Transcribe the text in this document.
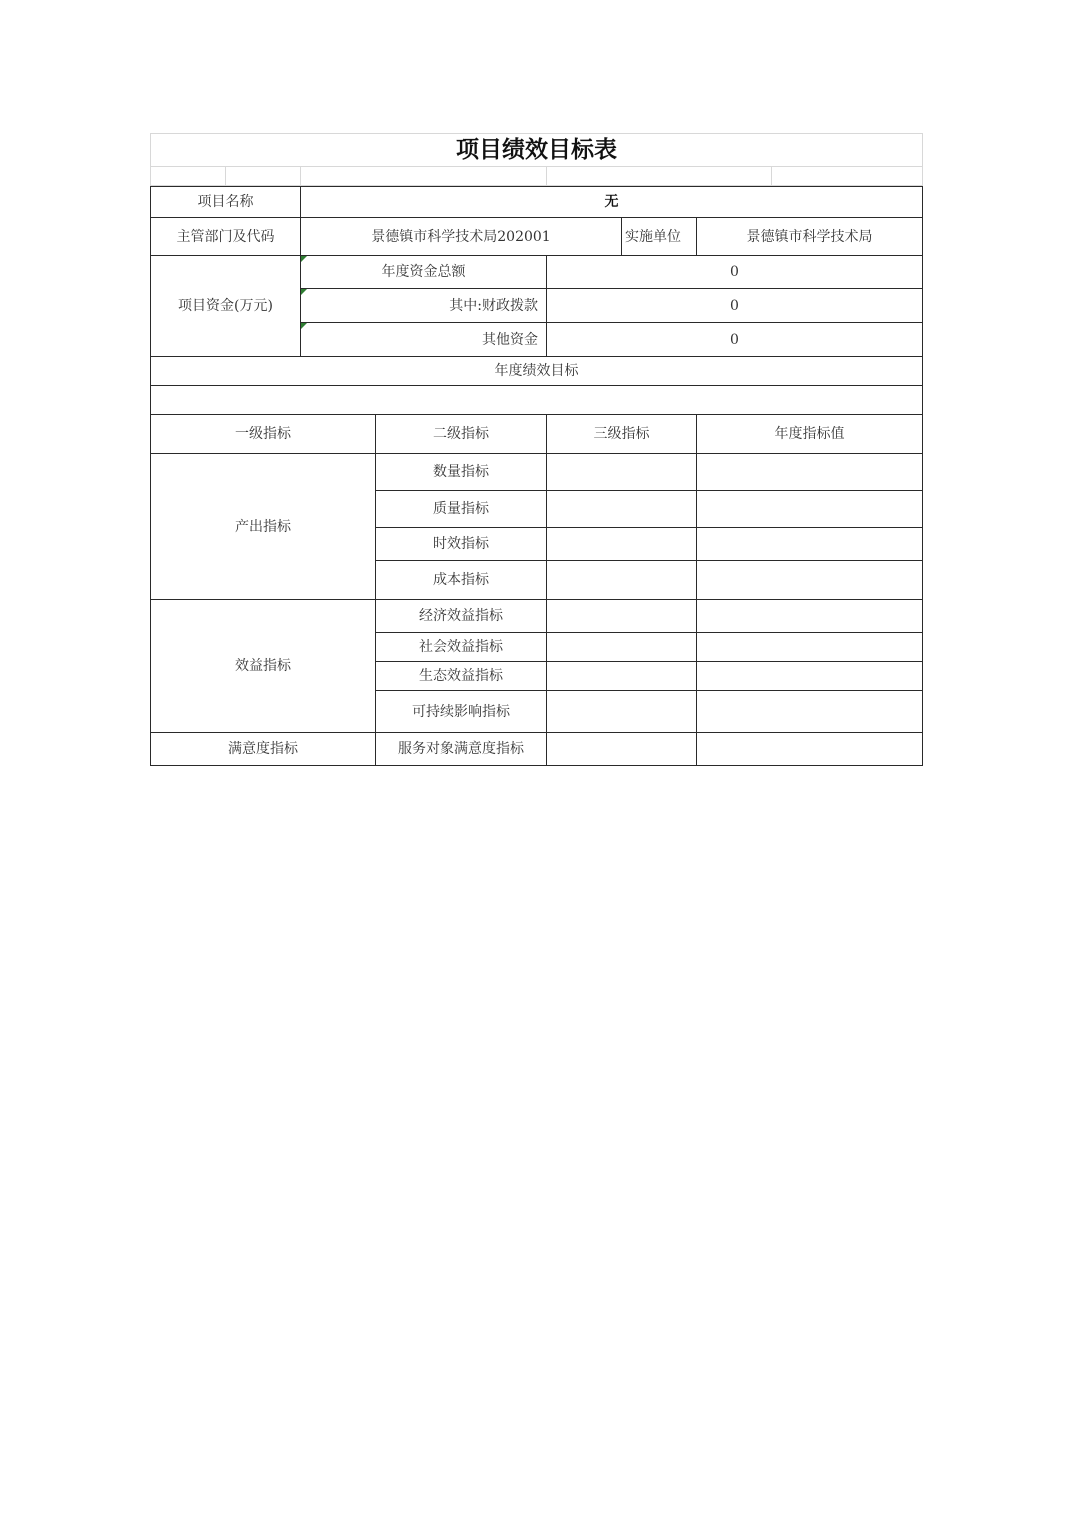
项目绩效目标表

项目名称	无				
主管部门及代码	景德镇市科学技术局202001			实施单位	景德镇市科学技术局
项目资金(万元)	年度资金总额		0		
	其中:财政拨款		0		
	其他资金		0		
年度绩效目标					

一级指标		二级指标	三级指标		年度指标值
产出指标		数量指标			
		质量指标			
		时效指标			
		成本指标			
效益指标		经济效益指标			
		社会效益指标			
		生态效益指标			
		可持续影响指标			
满意度指标		服务对象满意度指标			
